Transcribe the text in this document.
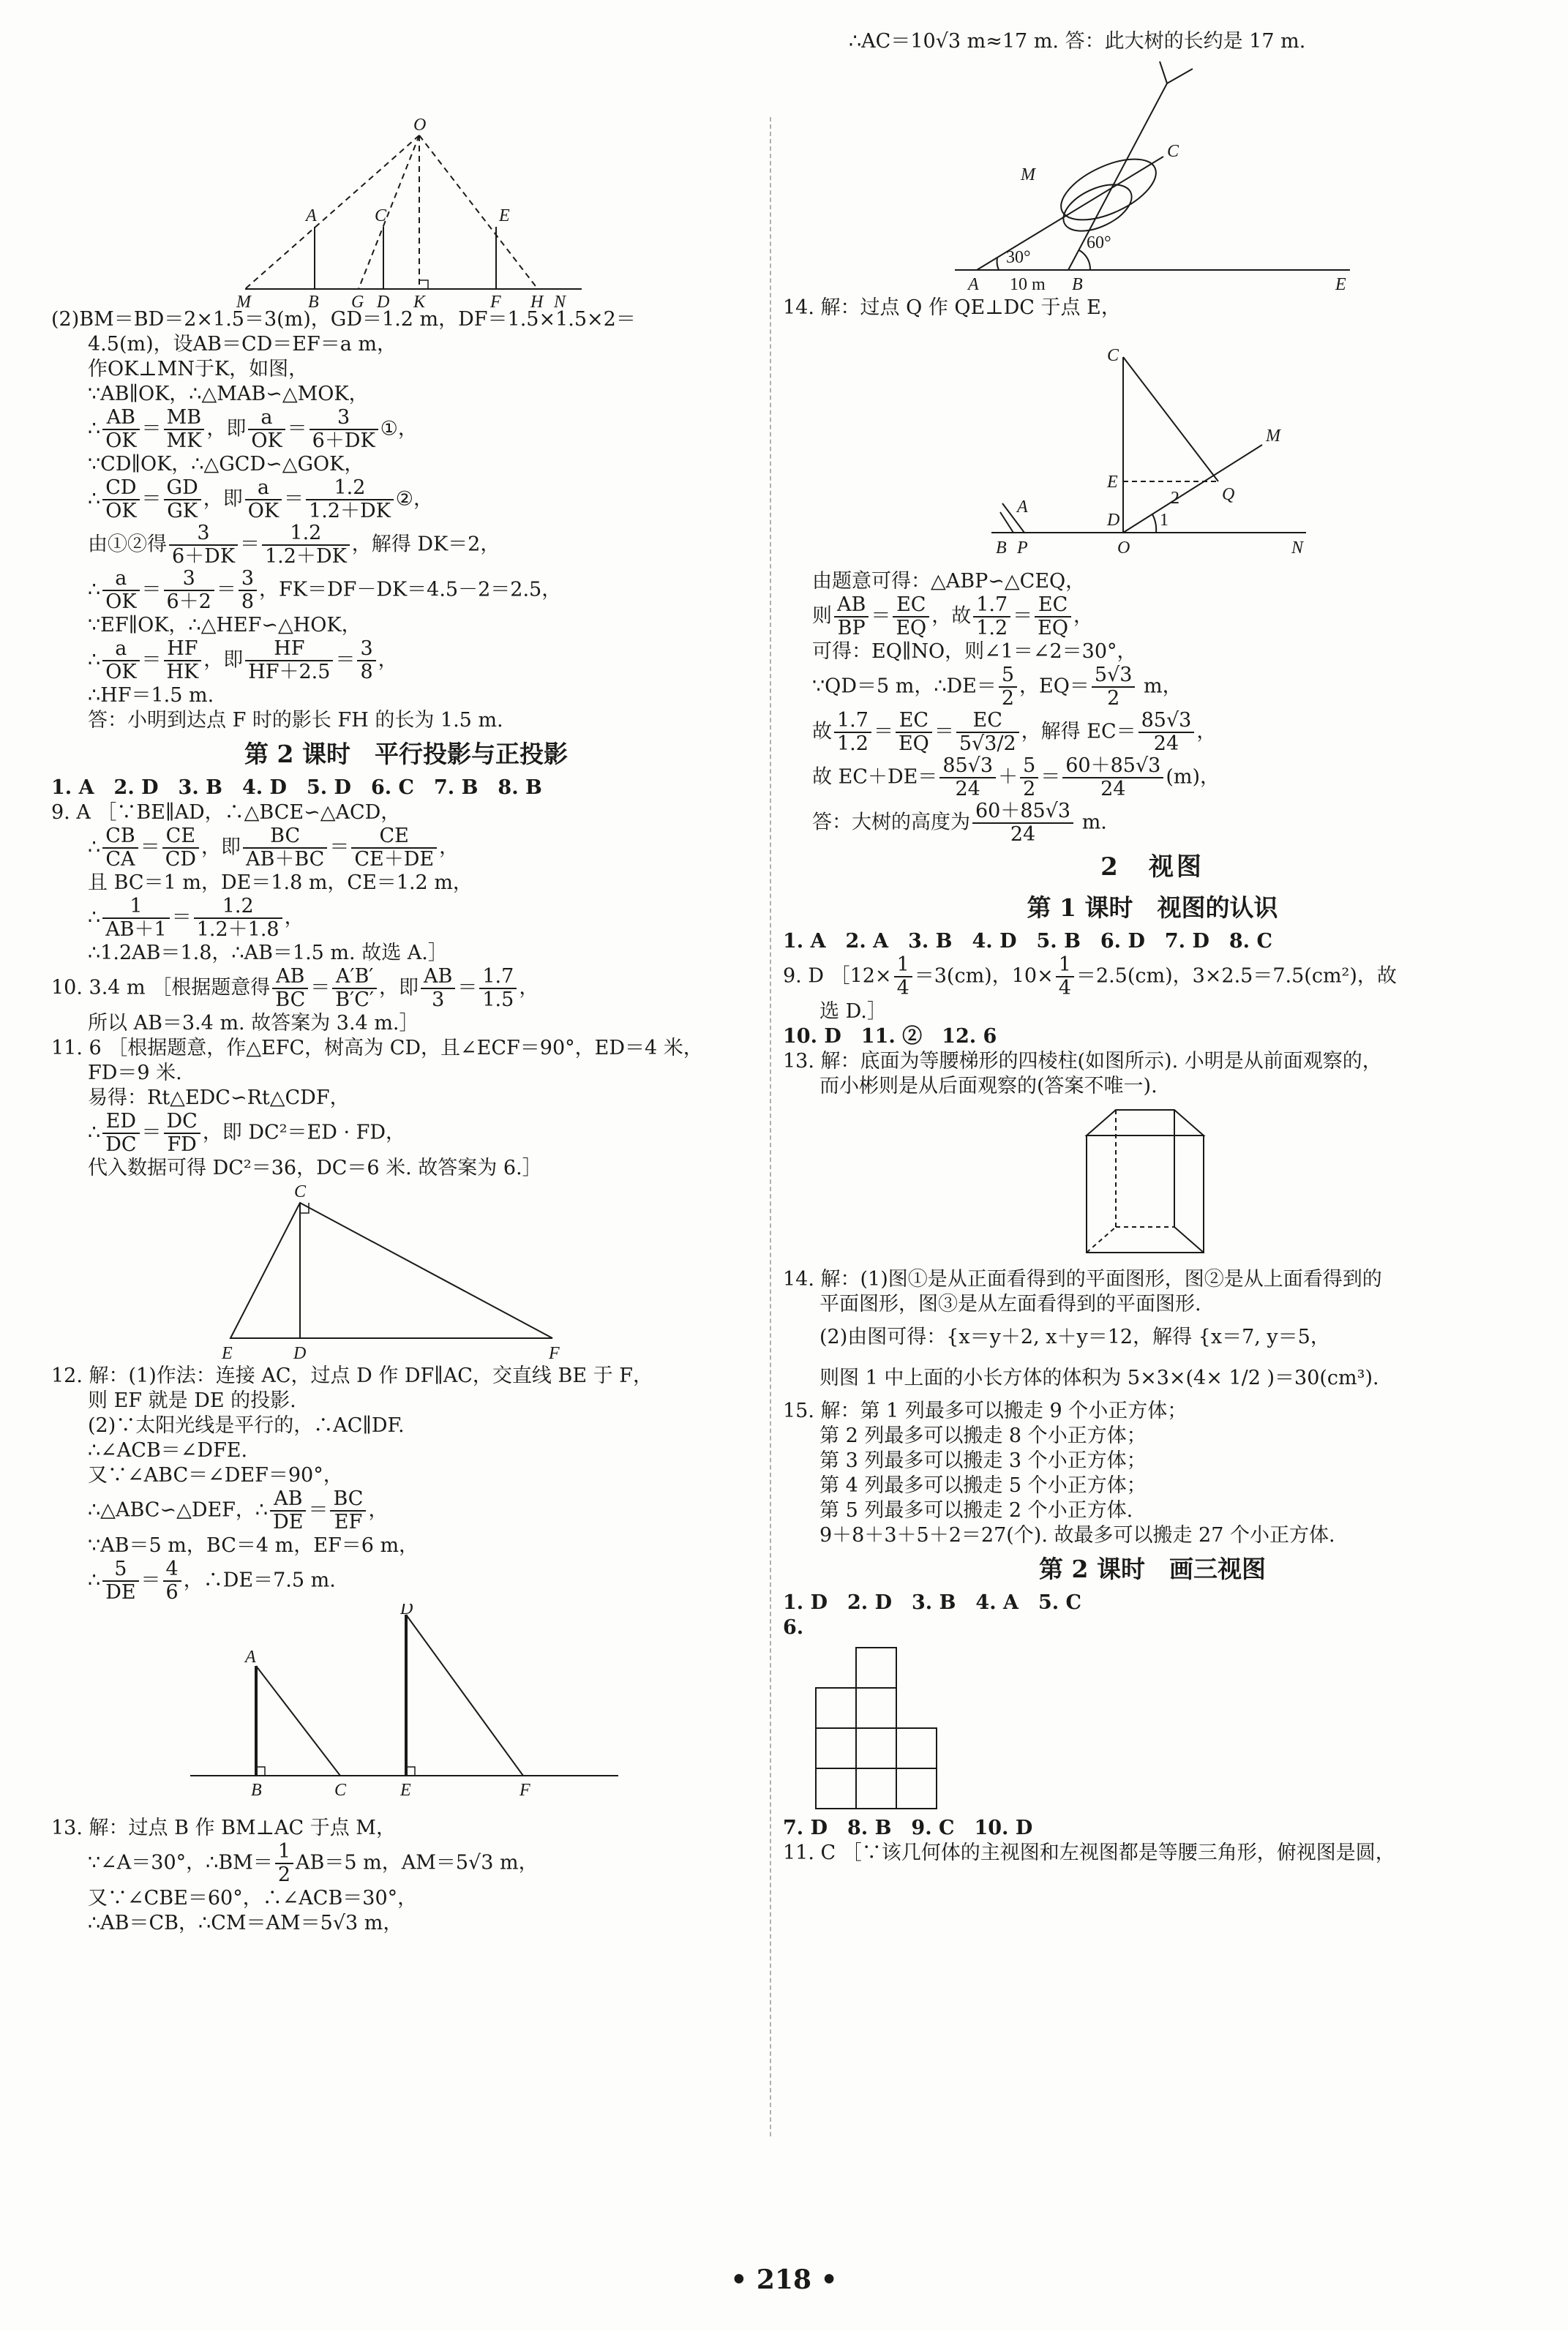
O
A	C	E
M	B G D K	F H N

(2)BM＝BD＝2×1.5＝3(m)，GD＝1.2 m，DF＝1.5×1.5×2＝

4.5(m)，设AB＝CD＝EF＝a m，

作OK⊥MN于K，如图，

∵AB∥OK，∴△MAB∽△MOK，

∴ $\frac{AB}{OK} = \frac{MB}{MK}$ ，即 $\frac{a}{OK} = \frac{3}{6+DK}$ ①，

∵CD∥OK，∴△GCD∽△GOK，

∴ $\frac{CD}{OK} = \frac{GD}{GK}$ ，即 $\frac{a}{OK} = \frac{1.2}{1.2+DK}$ ②，

由①②得 $\frac{3}{6+DK} = \frac{1.2}{1.2+DK}$ ，解得 DK＝2，

∴ $\frac{a}{OK} = \frac{3}{6+2} = \frac{3}{8}$ ，FK＝DF－DK＝4.5－2＝2.5，

∵EF∥OK，∴△HEF∽△HOK，

∴ $\frac{a}{OK} = \frac{HF}{HK}$ ，即 $\frac{HF}{HF+2.5} = \frac{3}{8}$ ，

∴HF＝1.5 m.

答：小明到达点 F 时的影长 FH 的长为 1.5 m.

第 2 课时　平行投影与正投影

1. A　2. D　3. B　4. D　5. D　6. C　7. B　8. B

9. A ［∵BE∥AD，∴△BCE∽△ACD，

∴ $\frac{CB}{CA} = \frac{CE}{CD}$ ，即 $\frac{BC}{AB+BC} = \frac{CE}{CE+DE}$ ，

且 BC＝1 m，DE＝1.8 m，CE＝1.2 m，

∴ $\frac{1}{AB+1} = \frac{1.2}{1.2+1.8}$ ，

∴1.2AB＝1.8，∴AB＝1.5 m. 故选 A.］

10. 3.4 m ［根据题意得 $\frac{AB}{BC} = \frac{A'B'}{B'C'}$ ，即 $\frac{AB}{3} = \frac{1.7}{1.5}$ ，

所以 AB＝3.4 m. 故答案为 3.4 m.］

11. 6 ［根据题意，作△EFC，树高为 CD，且∠ECF＝90°，ED＝4 米，

FD＝9 米.

易得：Rt△EDC∽Rt△CDF，

∴ $\frac{ED}{DC} = \frac{DC}{FD}$ ，即 DC²＝ED · FD，

代入数据可得 DC²＝36，DC＝6 米. 故答案为 6.］

C
E	D	F

12. 解：(1)作法：连接 AC，过点 D 作 DF∥AC，交直线 BE 于 F，

则 EF 就是 DE 的投影.

(2)∵太阳光线是平行的，∴AC∥DF.

∴∠ACB＝∠DFE.

又∵∠ABC＝∠DEF＝90°，

∴△ABC∽△DEF，∴ $\frac{AB}{DE} = \frac{BC}{EF}$ ，

∵AB＝5 m，BC＝4 m，EF＝6 m，

∴ $\frac{5}{DE} = \frac{4}{6}$ ，∴DE＝7.5 m.

D
A
B	C	E	F

13. 解：过点 B 作 BM⊥AC 于点 M，

∵∠A＝30°，∴BM＝ $\frac{1}{2} AB=5$ m，AM＝5√3 m，

又∵∠CBE＝60°，∴∠ACB＝30°，

∴AB＝CB，∴CM＝AM＝5√3 m，

∴AC＝10√3 m≈17 m. 答：此大树的长约是 17 m.

M
C
30°
60°
A 10 m B	E

14. 解：过点 Q 作 QE⊥DC 于点 E，

C
M
E
2 Q
A
D 1
B P	O	N

由题意可得：△ABP∽△CEQ，

则 $\frac{AB}{BP} = \frac{EC}{EQ}$ ，故 $\frac{1.7}{1.2} = \frac{EC}{EQ}$ ，

可得：EQ∥NO，则∠1＝∠2＝30°，

∵QD＝5 m，∴DE＝ $\frac{5}{2}$ ，$EQ= \frac{5√3}{2}$ m，

故 $\frac{1.7}{1.2} = \frac{EC}{EQ} = \frac{EC}{5√3/2}$ ，解得 $EC= \frac{85√3}{24}$ ，

故 $EC+DE= \frac{85√3}{24} + \frac{5}{2} = \frac{60+85√3}{24} (m)$，

答：大树的高度为 $\frac{60+85√3}{24} m$.

2　视图
第 1 课时　视图的认识

1. A　2. A　3. B　4. D　5. B　6. D　7. D　8. C

9. D ［12× $\frac{1}{4} =3(cm)$，$10\times \frac{1}{4} =2.5(cm)$，3×2.5＝7.5(cm²)，故

选 D.］

10. D　11. ②　12. 6

13. 解：底面为等腰梯形的四棱柱(如图所示). 小明是从前面观察的，

而小彬则是从后面观察的(答案不唯一).

14. 解：(1)图①是从正面看得到的平面图形，图②是从上面看得到的

平面图形，图③是从左面看得到的平面图形.

(2)由图可得：{x＝y＋2, x＋y＝12，解得 {x＝7, y＝5，

则图 1 中上面的小长方体的体积为 5×3×(4× 1/2 )＝30(cm³).

15. 解：第 1 列最多可以搬走 9 个小正方体；

第 2 列最多可以搬走 8 个小正方体；

第 3 列最多可以搬走 3 个小正方体；

第 4 列最多可以搬走 5 个小正方体；

第 5 列最多可以搬走 2 个小正方体.

9＋8＋3＋5＋2＝27(个). 故最多可以搬走 27 个小正方体.

第 2 课时　画三视图

1. D　2. D　3. B　4. A　5. C

6.

7. D　8. B　9. C　10. D

11. C ［∵该几何体的主视图和左视图都是等腰三角形，俯视图是圆，

• 218 •
